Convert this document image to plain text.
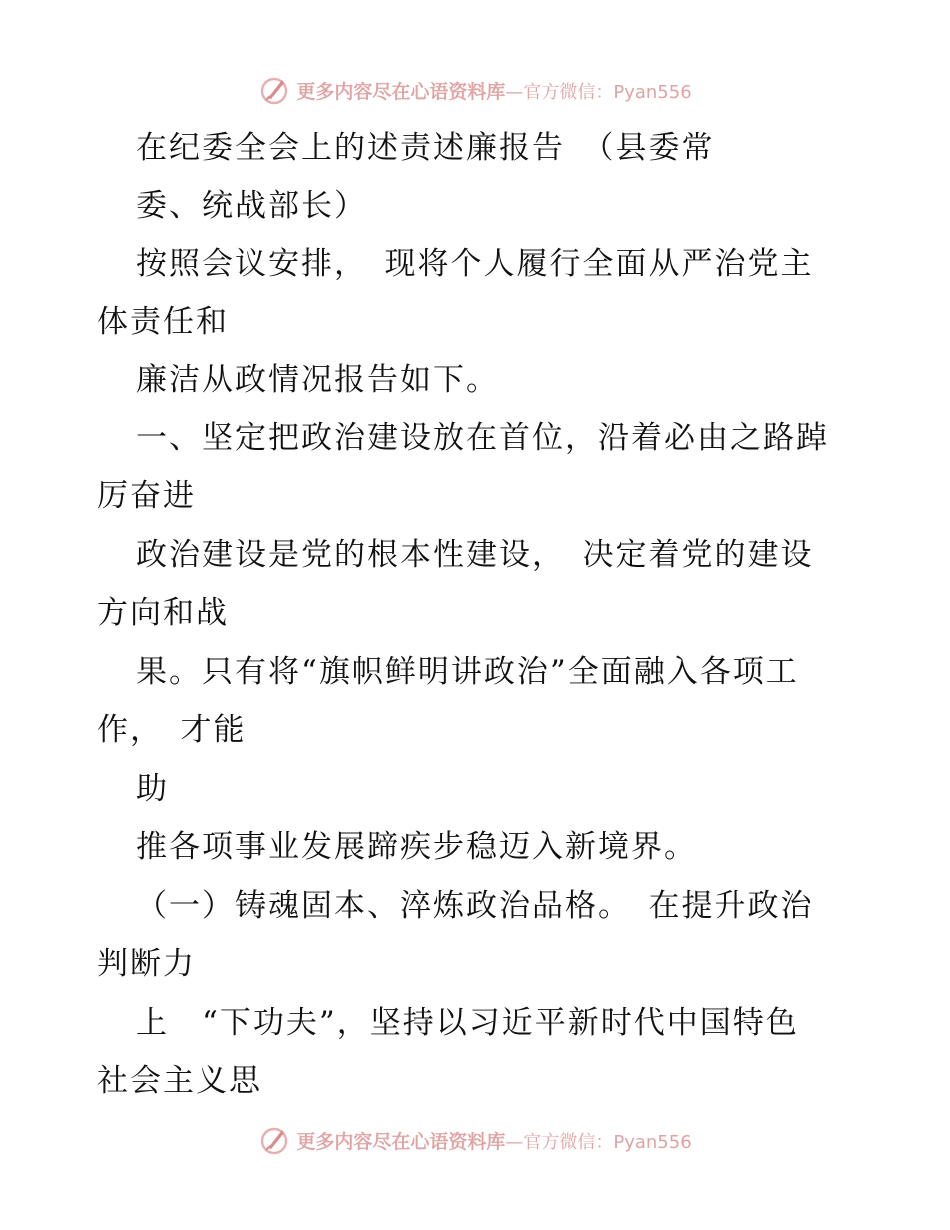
更多内容尽在心语资料库 —官方微信：Pyan556
在纪委全会上的述责述廉报告　（县委常
委、统战部长）
按照会议安排，　现将个人履行全面从严治党主
体责任和
廉洁从政情况报告如下。
一、坚定把政治建设放在首位，沿着必由之路踔
厉奋进
政治建设是党的根本性建设，　决定着党的建设
方向和战
果。只有将“旗帜鲜明讲政治”全面融入各项工
作，　才能
助
推各项事业发展蹄疾步稳迈入新境界。
（一）铸魂固本、淬炼政治品格。　在提升政治
判断力
上　“下功夫”，坚持以习近平新时代中国特色
社会主义思
更多内容尽在心语资料库 —官方微信：Pyan556
